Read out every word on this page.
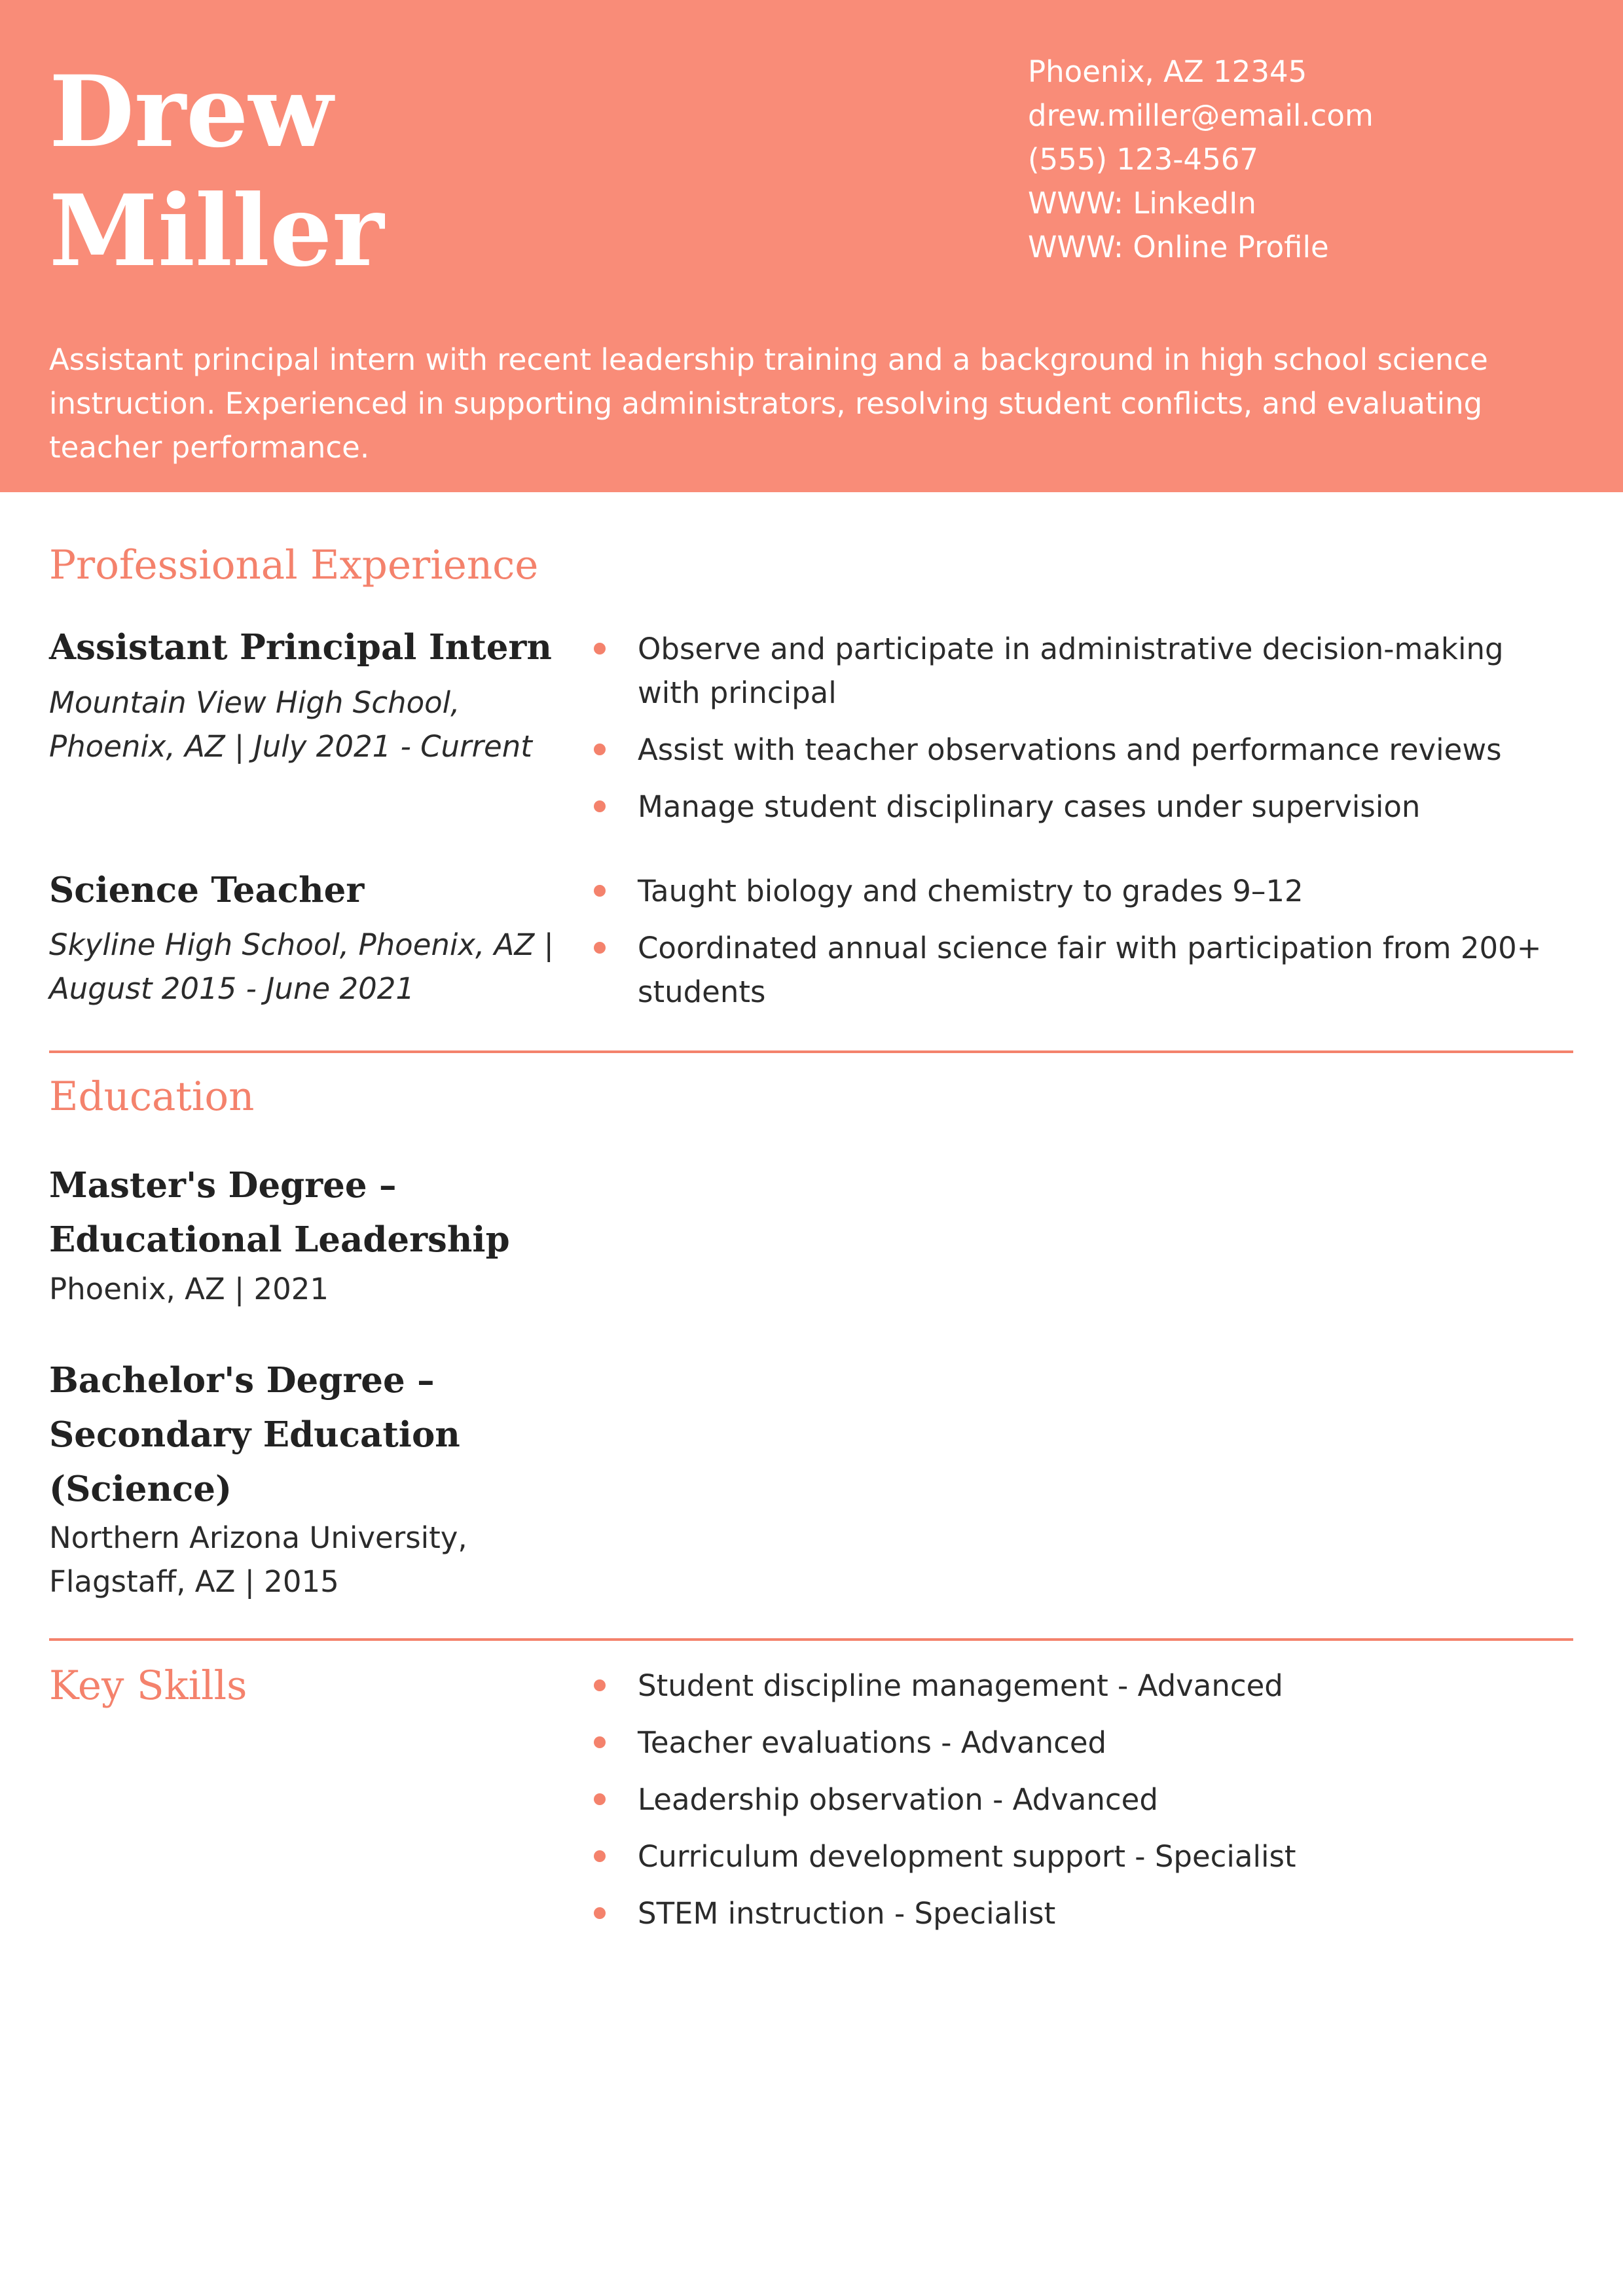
Drew
Miller
Phoenix, AZ 12345
drew.miller@email.com
(555) 123-4567
WWW: LinkedIn
WWW: Online Profile

Assistant principal intern with recent leadership training and a background in high school science instruction. Experienced in supporting administrators, resolving student conflicts, and evaluating teacher performance.

Professional Experience
Assistant Principal Intern

Mountain View High School, Phoenix, AZ | July 2021 - Current

Observe and participate in administrative decision-making with principal
Assist with teacher observations and performance reviews
Manage student disciplinary cases under supervision
Science Teacher

Skyline High School, Phoenix, AZ | August 2015 - June 2021

Taught biology and chemistry to grades 9–12
Coordinated annual science fair with participation from 200+ students
Education
Master's Degree – Educational Leadership

Phoenix, AZ | 2021

Bachelor's Degree – Secondary Education (Science)

Northern Arizona University, Flagstaff, AZ | 2015

Key Skills	Student discipline management - Advanced
Teacher evaluations - Advanced
Leadership observation - Advanced
Curriculum development support - Specialist
STEM instruction - Specialist
